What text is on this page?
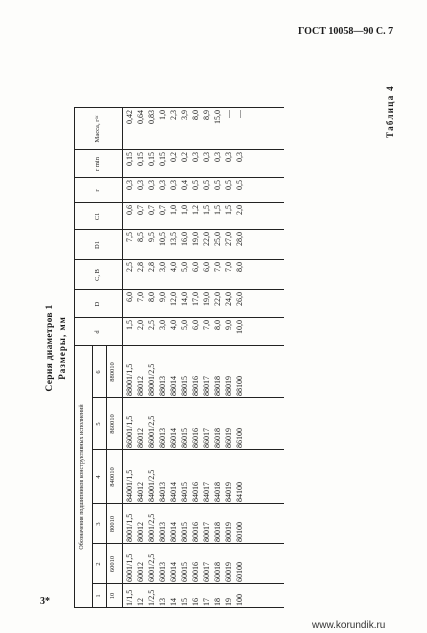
ГОСТ 10058—90 С. 7
Серия диаметров 1 Размеры, мм
Таблица 4
Обозначения подшипников конструктивных исполнений
1 10
2 60010
3 80010
4 840010
5 860010
6 880010
d
D
C, B
D1
C1
r
r min
Масса, г≈
1/1,5
6001/1,5
8001/1,5
84001/1,5
86001/1,5
88001/1,5
1,5
6,0
2,5
7,5
0,6
0,3
0,15
0,42
12
60012
80012
84012
86012
88012
2,0
7,0
2,8
8,5
0,7
0,3
0,15
0,64
1/2,5
6001/2,5
8001/2,5
84001/2,5
86001/2,5
88001/2,5
2,5
8,0
2,8
9,5
0,7
0,3
0,15
0,83
13
60013
80013
84013
86013
88013
3,0
9,0
3,0
10,5
0,7
0,3
0,15
1,0
14
60014
80014
84014
86014
88014
4,0
12,0
4,0
13,5
1,0
0,3
0,2
2,3
15
60015
80015
84015
86015
88015
5,0
14,0
5,0
16,0
1,0
0,4
0,2
3,9
16
60016
80016
84016
86016
88016
6,0
17,0
6,0
19,0
1,2
0,5
0,3
8,0
17
60017
80017
84017
86017
88017
7,0
19,0
6,0
22,0
1,5
0,5
0,3
8,9
18
60018
80018
84018
86018
88018
8,0
22,0
7,0
25,0
1,5
0,5
0,3
15,0
19
60019
80019
84019
86019
88019
9,0
24,0
7,0
27,0
1,5
0,5
0,3
—
100
60100
80100
84100
86100
88100
10,0
26,0
8,0
28,0
2,0
0,5
0,3
—
3*
www.korundik.ru
